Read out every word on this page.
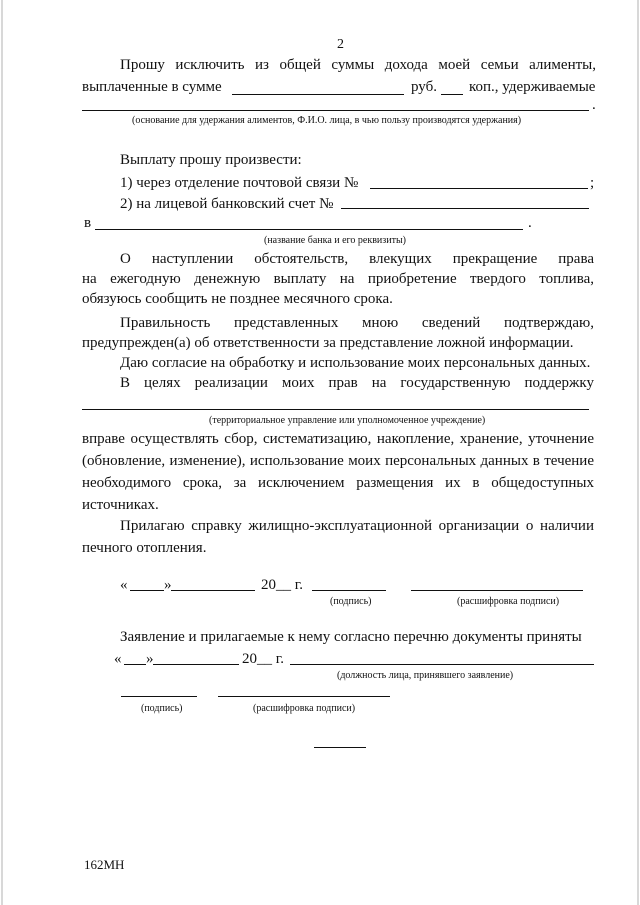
2
Прошу исключить из общей суммы дохода моей семьи алименты,
выплаченные в сумме	руб. коп., удерживаемые
.
(основание для удержания алиментов, Ф.И.О. лица, в чью пользу производятся удержания)
Выплату прошу произвести:
1) через отделение почтовой связи №	;
2) на лицевой банковский счет №
в	.
(название банка и его реквизиты)
О наступлении обстоятельств, влекущих прекращение права
на ежегодную денежную выплату на приобретение твердого топлива,
обязуюсь сообщить не позднее месячного срока.
Правильность представленных мною сведений подтверждаю,
предупрежден(а) об ответственности за представление ложной информации.
Даю согласие на обработку и использование моих персональных данных.
В целях реализации моих прав на государственную поддержку
(территориальное управление или уполномоченное учреждение)
вправе осуществлять сбор, систематизацию, накопление, хранение, уточнение
(обновление, изменение), использование моих персональных данных в течение
необходимого срока, за исключением размещения их в общедоступных
источниках.
Прилагаю справку жилищно-эксплуатационной организации о наличии
печного отопления.
« »	20__ г.
(подпись)	(расшифровка подписи)
Заявление и прилагаемые к нему согласно перечню документы приняты
« »	20__ г.
(должность лица, принявшего заявление)
(подпись)	(расшифровка подписи)
162МН
